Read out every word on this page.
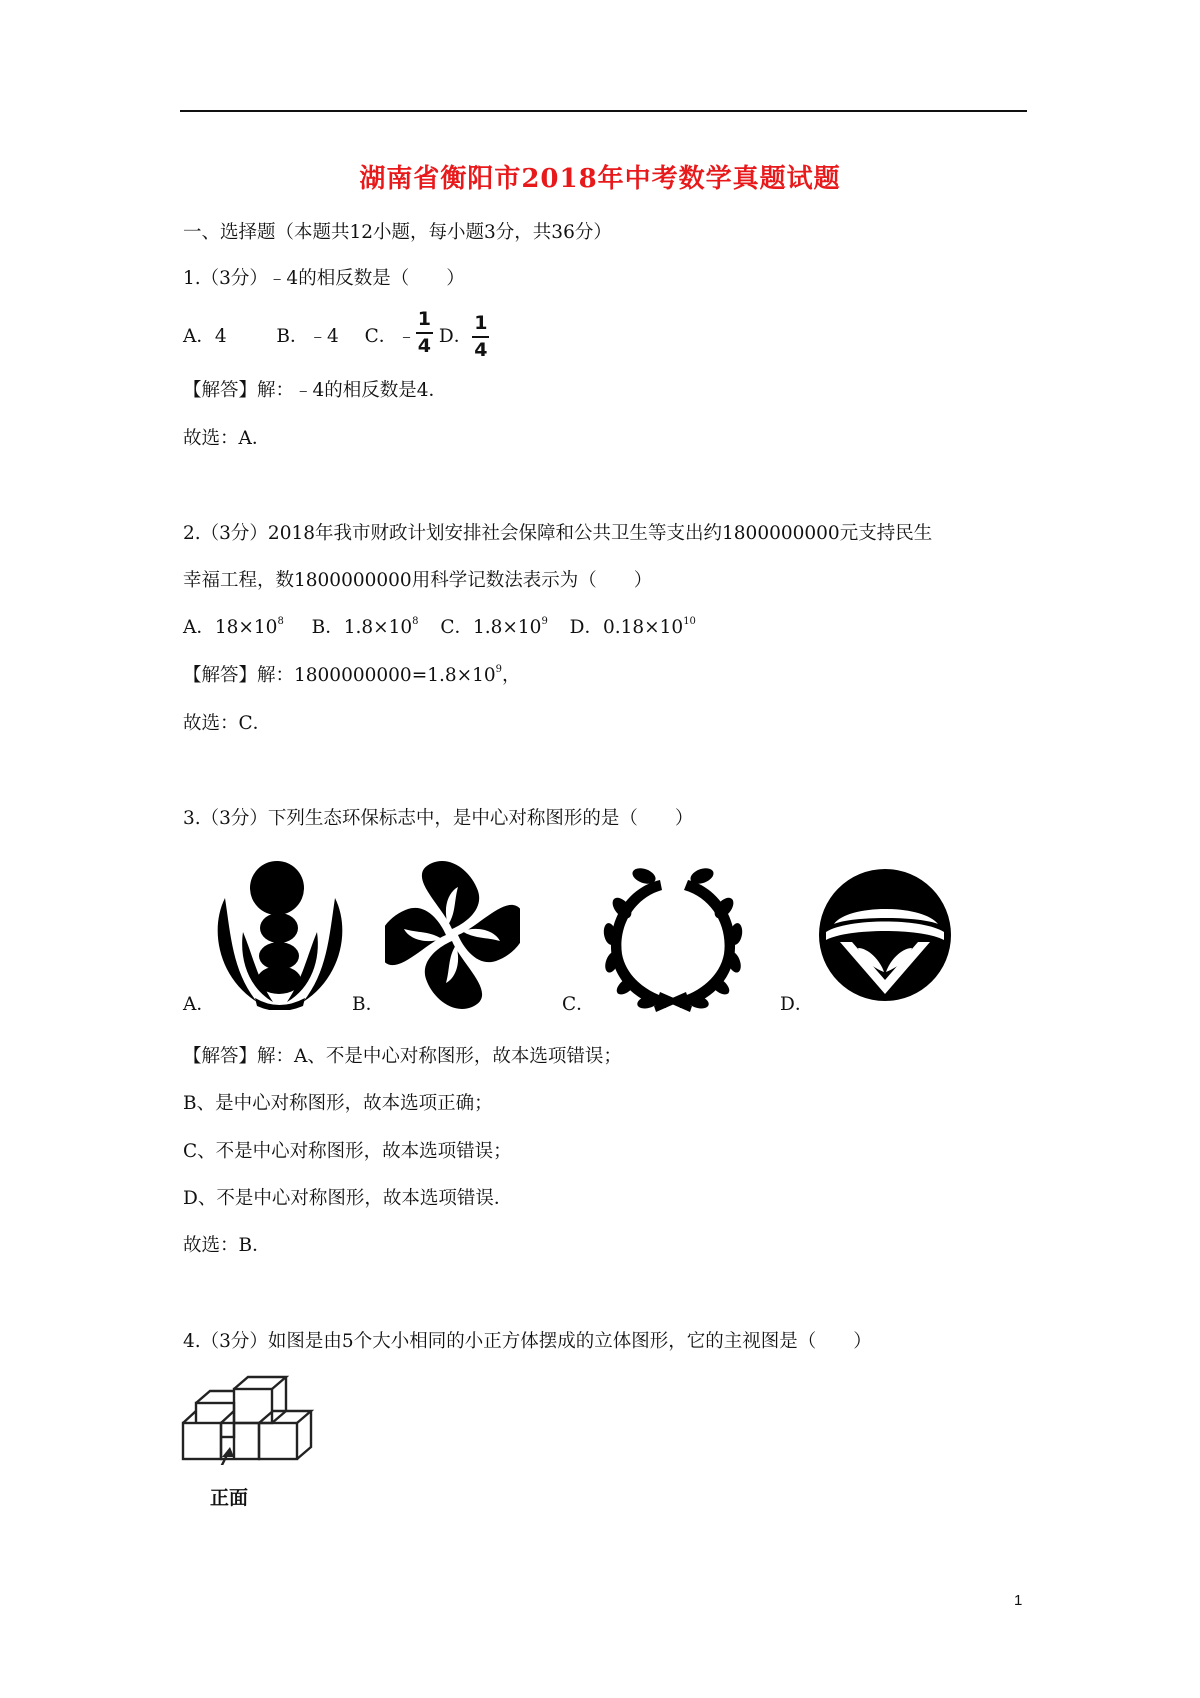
湖南省衡阳市2018年中考数学真题试题
一、选择题（本题共12小题，每小题3分，共36分）
1.（3分）﹣4的相反数是（　　）
A．4	B．﹣4 C．﹣ $\frac{1}{4}$ D． $\frac{1}{4}$
【解答】解：﹣4的相反数是4．
故选：A．
2.（3分）2018年我市财政计划安排社会保障和公共卫生等支出约1800000000元支持民生
幸福工程，数1800000000用科学记数法表示为（　　）
A．$18\times 10^8$ B．$1.8\times 10^8$ C．$1.8\times 10^9$ D．$0.18\times 10^{10}$
【解答】解：$1800000000=1.8\times 10^9$，
故选：C．
3.（3分）下列生态环保标志中，是中心对称图形的是（　　）
A．	B．	C．	D．
【解答】解：A、不是中心对称图形，故本选项错误；
B、是中心对称图形，故本选项正确；
C、不是中心对称图形，故本选项错误；
D、不是中心对称图形，故本选项错误．
故选：B．
4.（3分）如图是由5个大小相同的小正方体摆成的立体图形，它的主视图是（　　）
正面
1
